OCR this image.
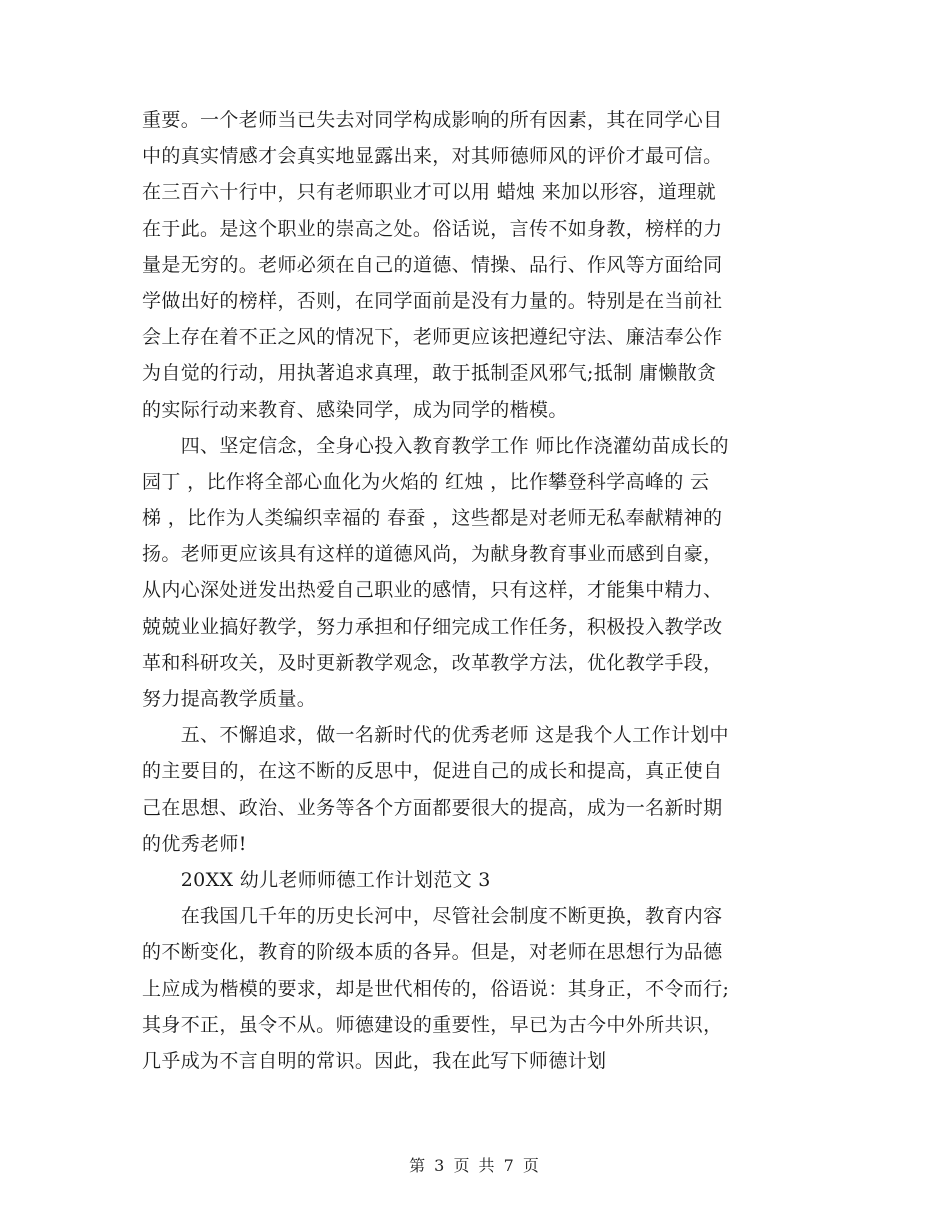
重要。一个老师当已失去对同学构成影响的所有因素，其在同学心目
中的真实情感才会真实地显露出来，对其师德师风的评价才最可信。
在三百六十行中，只有老师职业才可以用 蜡烛 来加以形容，道理就
在于此。是这个职业的崇高之处。俗话说，言传不如身教，榜样的力
量是无穷的。老师必须在自己的道德、情操、品行、作风等方面给同
学做出好的榜样，否则，在同学面前是没有力量的。特别是在当前社
会上存在着不正之风的情况下，老师更应该把遵纪守法、廉洁奉公作
为自觉的行动，用执著追求真理，敢于抵制歪风邪气;抵制 庸懒散贪
的实际行动来教育、感染同学，成为同学的楷模。
　　四、坚定信念，全身心投入教育教学工作 师比作浇灌幼苗成长的
园丁 ，比作将全部心血化为火焰的 红烛 ，比作攀登科学高峰的 云
梯 ，比作为人类编织幸福的 春蚕 ，这些都是对老师无私奉献精神的
扬。老师更应该具有这样的道德风尚，为献身教育事业而感到自豪，
从内心深处迸发出热爱自己职业的感情，只有这样，才能集中精力、
兢兢业业搞好教学，努力承担和仔细完成工作任务，积极投入教学改
革和科研攻关，及时更新教学观念，改革教学方法，优化教学手段，
努力提高教学质量。
　　五、不懈追求，做一名新时代的优秀老师 这是我个人工作计划中
的主要目的，在这不断的反思中，促进自己的成长和提高，真正使自
己在思想、政治、业务等各个方面都要很大的提高，成为一名新时期
的优秀老师!
　　20XX 幼儿老师师德工作计划范文 3
　　在我国几千年的历史长河中，尽管社会制度不断更换，教育内容
的不断变化，教育的阶级本质的各异。但是，对老师在思想行为品德
上应成为楷模的要求，却是世代相传的，俗语说：其身正，不令而行;
其身不正，虽令不从。师德建设的重要性，早已为古今中外所共识，
几乎成为不言自明的常识。因此，我在此写下师德计划
第 3 页 共 7 页
